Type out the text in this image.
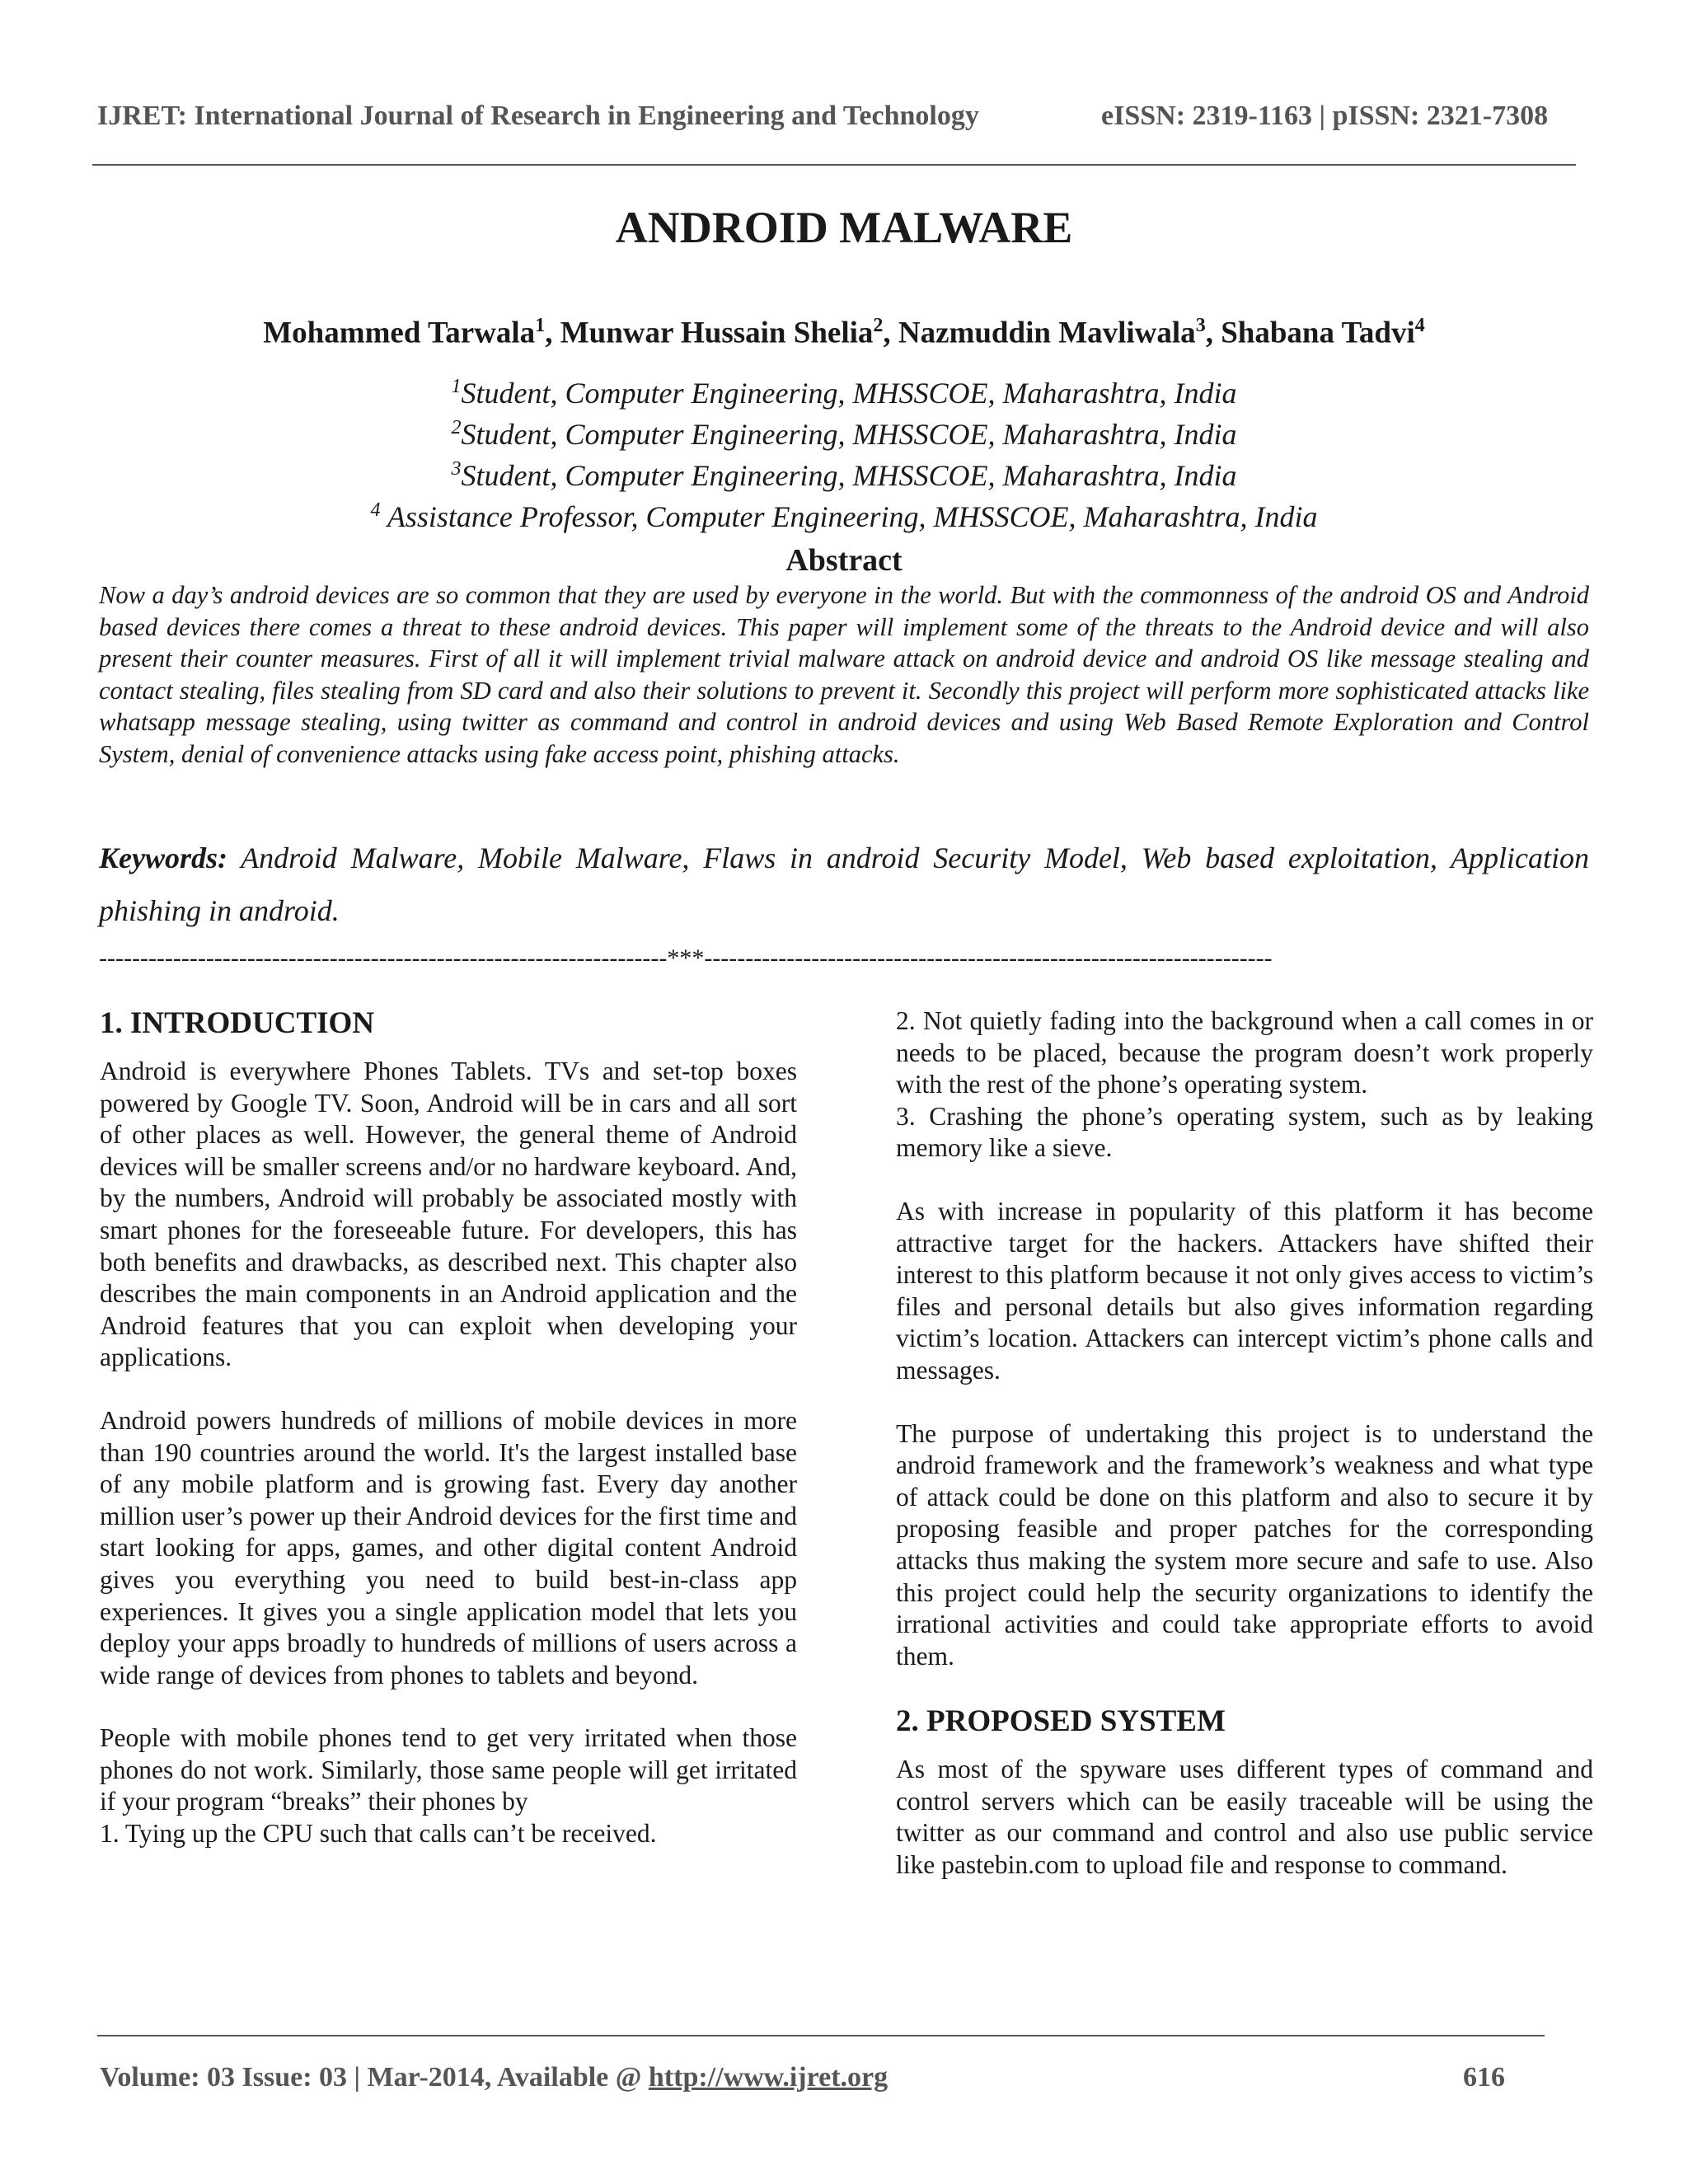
IJRET: International Journal of Research in Engineering and Technology	eISSN: 2319-1163 | pISSN: 2321-7308
ANDROID MALWARE
Mohammed Tarwala$^1$, Munwar Hussain Shelia$^2$, Nazmuddin Mavliwala$^3$, Shabana Tadvi$^4$
$^1$Student, Computer Engineering, MHSSCOE, Maharashtra, India
$^2$Student, Computer Engineering, MHSSCOE, Maharashtra, India
$^3$Student, Computer Engineering, MHSSCOE, Maharashtra, India
$^4$ Assistance Professor, Computer Engineering, MHSSCOE, Maharashtra, India
Abstract

Now a day’s android devices are so common that they are used by everyone in the world. But with the commonness of the android OS and Android based devices there comes a threat to these android devices. This paper will implement some of the threats to the Android device and will also present their counter measures. First of all it will implement trivial malware attack on android device and android OS like message stealing and contact stealing, files stealing from SD card and also their solutions to prevent it. Secondly this project will perform more sophisticated attacks like whatsapp message stealing, using twitter as command and control in android devices and using Web Based Remote Exploration and Control System, denial of convenience attacks using fake access point, phishing attacks.

Keywords: Android Malware, Mobile Malware, Flaws in android Security Model, Web based exploitation, Application phishing in android.

---------------------------------------------------------------------***---------------------------------------------------------------------
1. INTRODUCTION

Android is everywhere Phones Tablets. TVs and set-top boxes powered by Google TV. Soon, Android will be in cars and all sort of other places as well. However, the general theme of Android devices will be smaller screens and/or no hardware keyboard. And, by the numbers, Android will probably be associated mostly with smart phones for the foreseeable future. For developers, this has both benefits and drawbacks, as described next. This chapter also describes the main components in an Android application and the Android features that you can exploit when developing your applications.

Android powers hundreds of millions of mobile devices in more than 190 countries around the world. It's the largest installed base of any mobile platform and is growing fast. Every day another million user’s power up their Android devices for the first time and start looking for apps, games, and other digital content Android gives you everything you need to build best-in-class app experiences. It gives you a single application model that lets you deploy your apps broadly to hundreds of millions of users across a wide range of devices from phones to tablets and beyond.

People with mobile phones tend to get very irritated when those phones do not work. Similarly, those same people will get irritated if your program “breaks” their phones by

1. Tying up the CPU such that calls can’t be received.

2. Not quietly fading into the background when a call comes in or needs to be placed, because the program doesn’t work properly with the rest of the phone’s operating system.

3. Crashing the phone’s operating system, such as by leaking memory like a sieve.

As with increase in popularity of this platform it has become attractive target for the hackers. Attackers have shifted their interest to this platform because it not only gives access to victim’s files and personal details but also gives information regarding victim’s location. Attackers can intercept victim’s phone calls and messages.

The purpose of undertaking this project is to understand the android framework and the framework’s weakness and what type of attack could be done on this platform and also to secure it by proposing feasible and proper patches for the corresponding attacks thus making the system more secure and safe to use. Also this project could help the security organizations to identify the irrational activities and could take appropriate efforts to avoid them.

2. PROPOSED SYSTEM

As most of the spyware uses different types of command and control servers which can be easily traceable will be using the twitter as our command and control and also use public service like pastebin.com to upload file and response to command.

Volume: 03 Issue: 03 | Mar-2014, Available @ http://www.ijret.org	616
